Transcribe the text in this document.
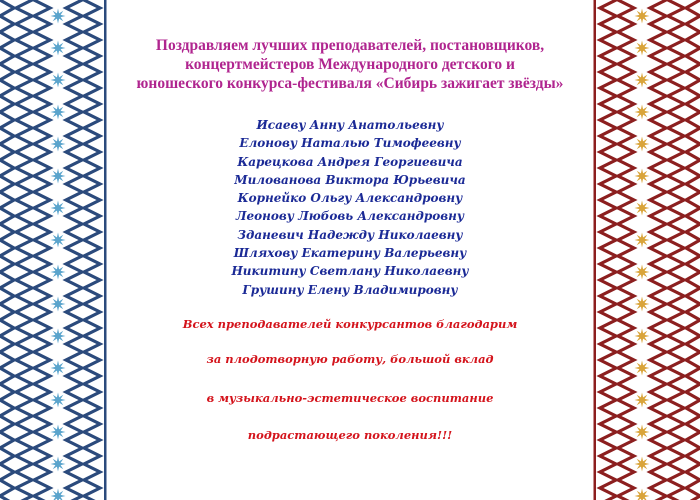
Поздравляем лучших преподавателей, постановщиков,
концертмейстеров Международного детского и
юношеского конкурса-фестиваля «Сибирь зажигает звёзды»
Исаеву Анну Анатольевну
Елонову Наталью Тимофеевну
Карецкова Андрея Георгиевича
Милованова Виктора Юрьевича
Корнейко Ольгу Александровну
Леонову Любовь Александровну
Зданевич Надежду Николаевну
Шляхову Екатерину Валерьевну
Никитину Светлану Николаевну
Грушину Елену Владимировну

Всех преподавателей конкурсантов благодарим

за плодотворную работу, большой вклад

в музыкально-эстетическое воспитание

подрастающего поколения!!!
